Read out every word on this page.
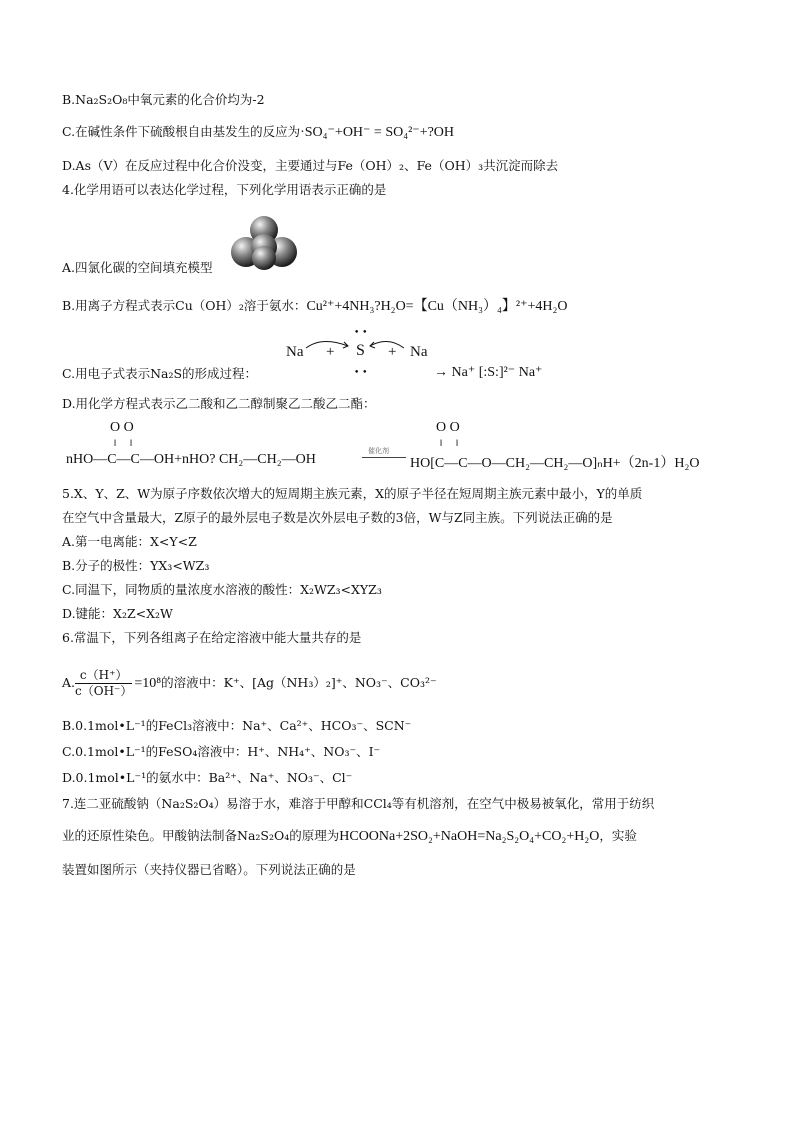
B.Na₂S₂O₈中氧元素的化合价均为-2
C.在碱性条件下硫酸根自由基发生的反应为·SO₄⁻+OH⁻ = SO₄²⁻+?OH
D.As（V）在反应过程中化合价没变，主要通过与Fe（OH）₂、Fe（OH）₃共沉淀而除去
4.化学用语可以表达化学过程，下列化学用语表示正确的是
A.四氯化碳的空间填充模型
B.用离子方程式表示Cu（OH）₂溶于氨水：Cu²⁺+4NH₃?H₂O=【Cu（NH₃）₄】²⁺+4H₂O
Na + S + Na
• •
• •
C.用电子式表示Na₂S的形成过程：	→ Na⁺ [:S:]²⁻ Na⁺
D.用化学方程式表示乙二酸和乙二醇制聚乙二酸乙二酯：
O O	O O
‖      ‖	‖      ‖
nHO—C—C—OH+nHO? CH₂—CH₂—OH
催化剂
HO[C—C—O—CH₂—CH₂—O]ₙH+（2n-1）H₂O
5.X、Y、Z、W为原子序数依次增大的短周期主族元素，X的原子半径在短周期主族元素中最小，Y的单质
在空气中含量最大，Z原子的最外层电子数是次外层电子数的3倍，W与Z同主族。下列说法正确的是
A.第一电离能：X<Y<Z
B.分子的极性：YX₃<WZ₃
C.同温下，同物质的量浓度水溶液的酸性：X₂WZ₃<XYZ₃
D.键能：X₂Z<X₂W
6.常温下，下列各组离子在给定溶液中能大量共存的是
A. $\frac{c(H^+)}{c(OH^-)} =10^8$的溶液中：K⁺、[Ag（NH₃）₂]⁺、NO₃⁻、CO₃²⁻
B.0.1mol•L⁻¹的FeCl₃溶液中：Na⁺、Ca²⁺、HCO₃⁻、SCN⁻
C.0.1mol•L⁻¹的FeSO₄溶液中：H⁺、NH₄⁺、NO₃⁻、I⁻
D.0.1mol•L⁻¹的氨水中：Ba²⁺、Na⁺、NO₃⁻、Cl⁻
7.连二亚硫酸钠（Na₂S₂O₄）易溶于水，难溶于甲醇和CCl₄等有机溶剂，在空气中极易被氧化，常用于纺织
业的还原性染色。甲酸钠法制备Na₂S₂O₄的原理为HCOONa+2SO₂+NaOH=Na₂S₂O₄+CO₂+H₂O，实验
装置如图所示（夹持仪器已省略）。下列说法正确的是
